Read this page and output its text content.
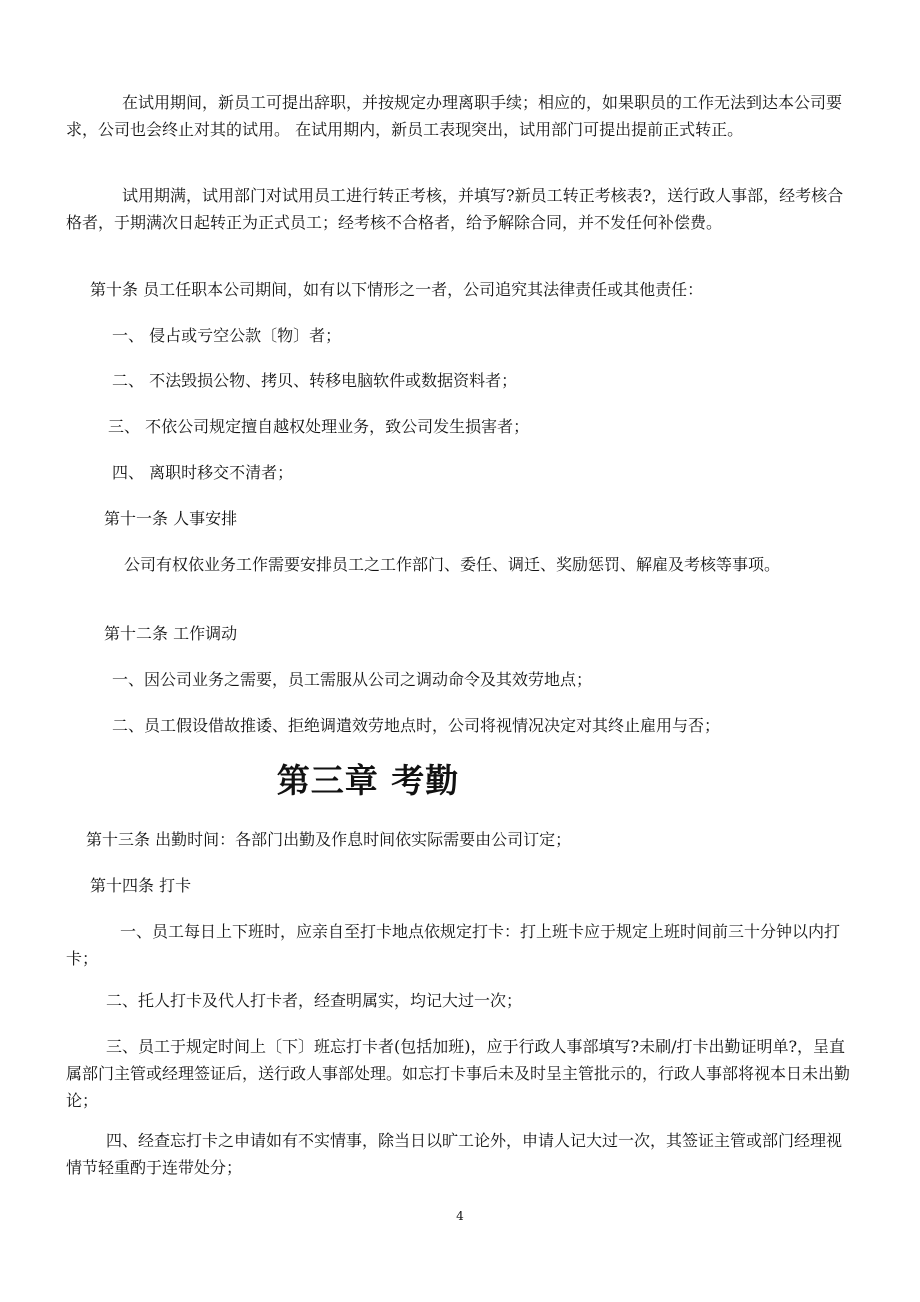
在试用期间，新员工可提出辞职，并按规定办理离职手续；相应的，如果职员的工作无法到达本公司要求，公司也会终止对其的试用。 在试用期内，新员工表现突出，试用部门可提出提前正式转正。

试用期满，试用部门对试用员工进行转正考核，并填写?新员工转正考核表?，送行政人事部，经考核合格者，于期满次日起转正为正式员工；经考核不合格者，给予解除合同，并不发任何补偿费。

第十条 员工任职本公司期间，如有以下情形之一者，公司追究其法律责任或其他责任：

一、 侵占或亏空公款〔物〕者；

二、 不法毁损公物、拷贝、转移电脑软件或数据资料者；

三、 不依公司规定擅自越权处理业务，致公司发生损害者；

四、 离职时移交不清者；

第十一条 人事安排

公司有权依业务工作需要安排员工之工作部门、委任、调迁、奖励惩罚、解雇及考核等事项。

第十二条 工作调动

一、因公司业务之需要，员工需服从公司之调动命令及其效劳地点；

二、员工假设借故推诿、拒绝调遣效劳地点时，公司将视情况决定对其终止雇用与否；

第三章 考勤

第十三条 出勤时间：各部门出勤及作息时间依实际需要由公司订定；

第十四条 打卡

一、员工每日上下班时，应亲自至打卡地点依规定打卡：打上班卡应于规定上班时间前三十分钟以内打卡；

二、托人打卡及代人打卡者，经查明属实，均记大过一次；

三、员工于规定时间上〔下〕班忘打卡者(包括加班)，应于行政人事部填写?未刷/打卡出勤证明单?，呈直属部门主管或经理签证后，送行政人事部处理。如忘打卡事后未及时呈主管批示的，行政人事部将视本日未出勤论；

四、经查忘打卡之申请如有不实情事，除当日以旷工论外，申请人记大过一次，其签证主管或部门经理视情节轻重酌于连带处分；

4
